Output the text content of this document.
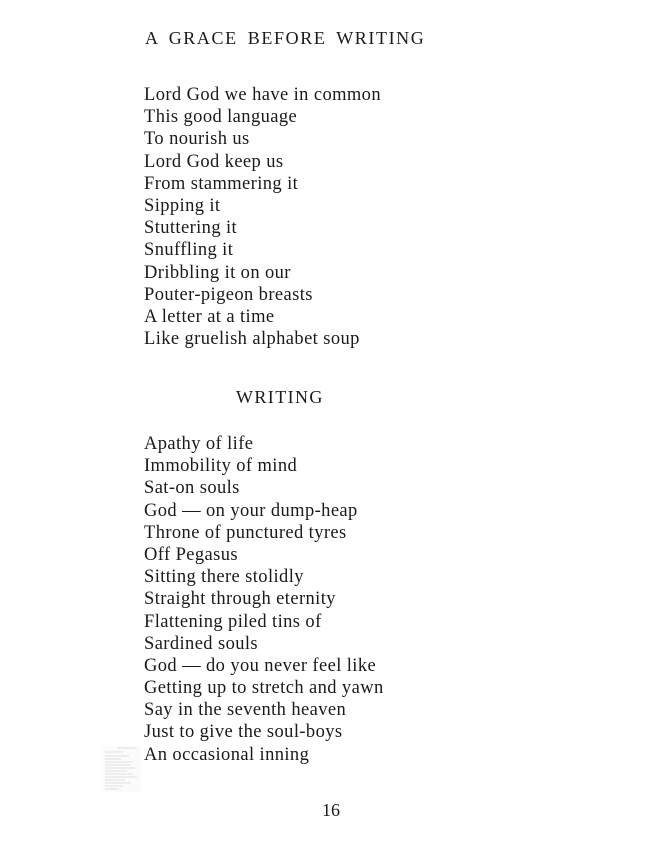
A GRACE BEFORE WRITING
Lord God we have in common
This good language
To nourish us
Lord God keep us
From stammering it
Sipping it
Stuttering it
Snuffling it
Dribbling it on our
Pouter-pigeon breasts
A letter at a time
Like gruelish alphabet soup
WRITING
Apathy of life
Immobility of mind
Sat-on souls
God — on your dump-heap
Throne of punctured tyres
Off Pegasus
Sitting there stolidly
Straight through eternity
Flattening piled tins of
Sardined souls
God — do you never feel like
Getting up to stretch and yawn
Say in the seventh heaven
Just to give the soul-boys
An occasional inning
16
